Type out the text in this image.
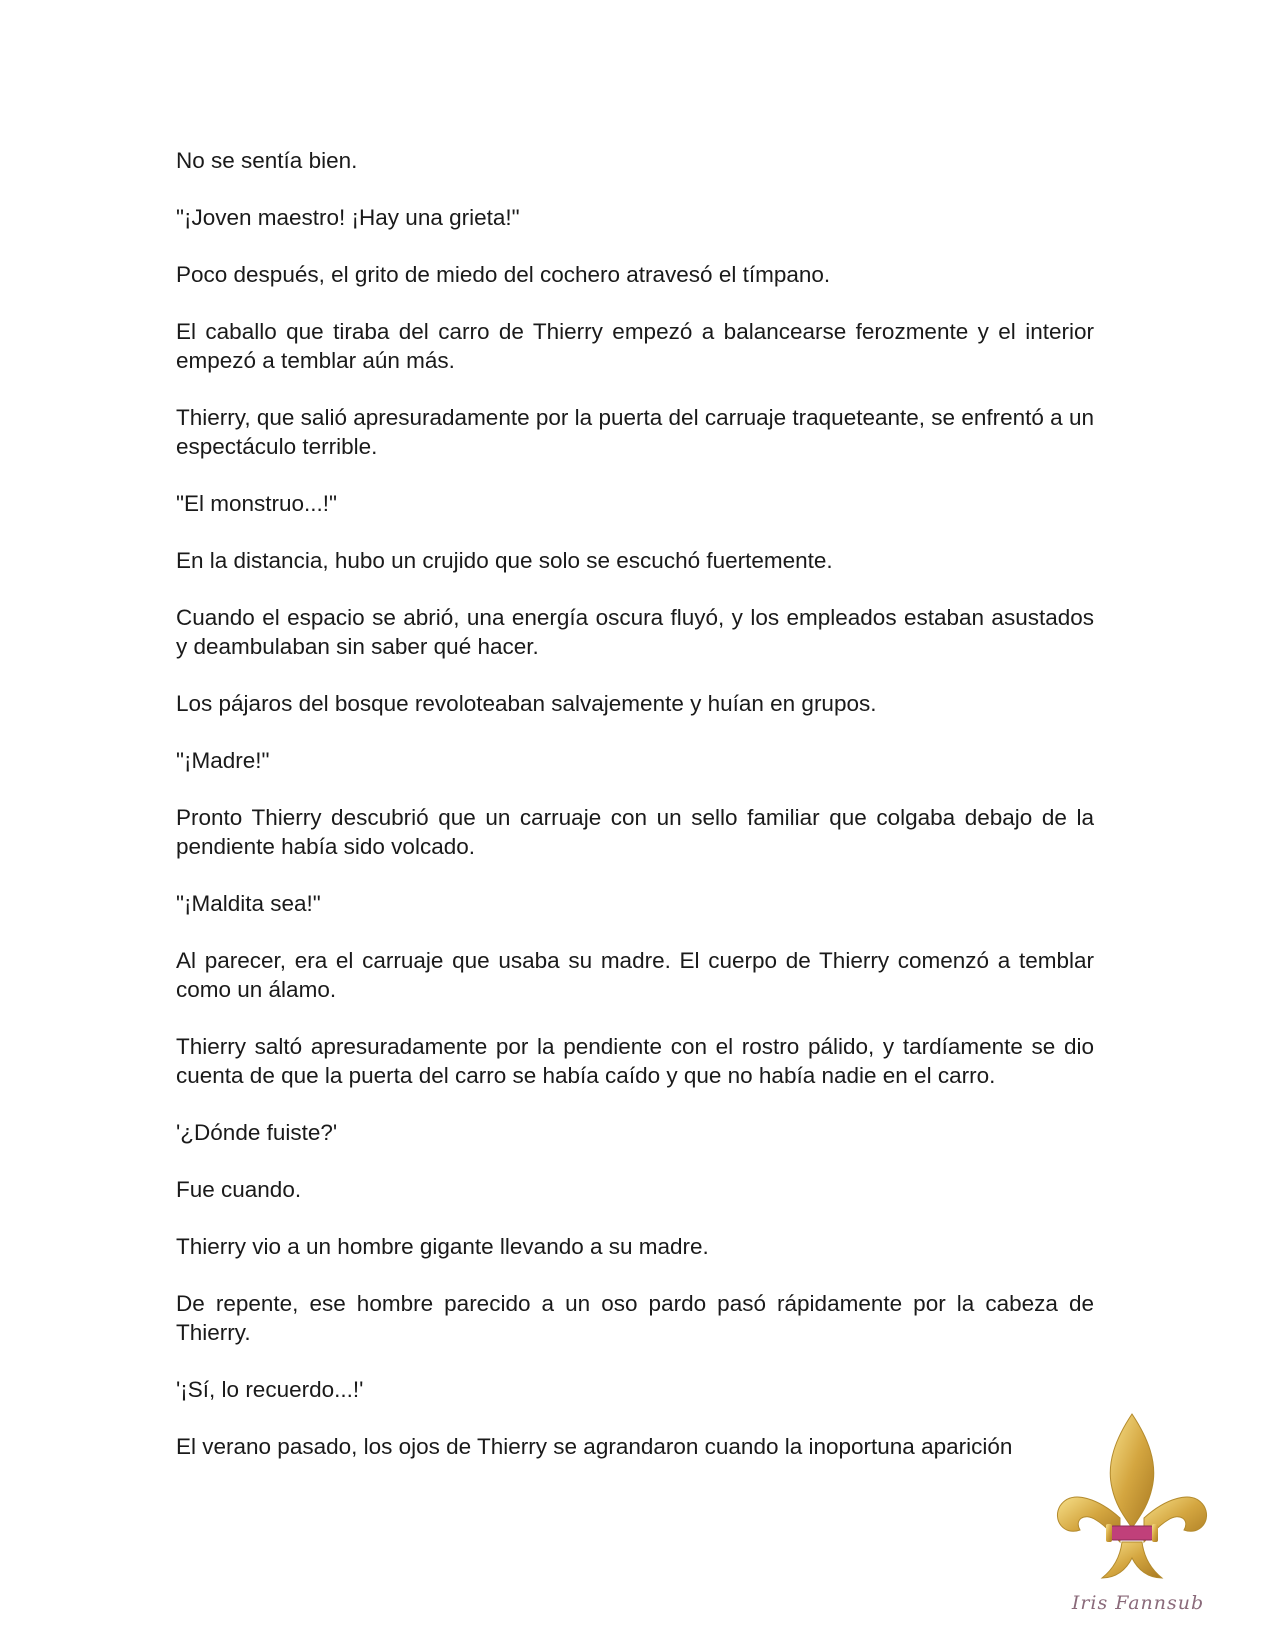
No se sentía bien.

"¡Joven maestro! ¡Hay una grieta!"

Poco después, el grito de miedo del cochero atravesó el tímpano.

El caballo que tiraba del carro de Thierry empezó a balancearse ferozmente y el interior empezó a temblar aún más.

Thierry, que salió apresuradamente por la puerta del carruaje traqueteante, se enfrentó a un espectáculo terrible.

"El monstruo...!"

En la distancia, hubo un crujido que solo se escuchó fuertemente.

Cuando el espacio se abrió, una energía oscura fluyó, y los empleados estaban asustados y deambulaban sin saber qué hacer.

Los pájaros del bosque revoloteaban salvajemente y huían en grupos.

"¡Madre!"

Pronto Thierry descubrió que un carruaje con un sello familiar que colgaba debajo de la pendiente había sido volcado.

"¡Maldita sea!"

Al parecer, era el carruaje que usaba su madre. El cuerpo de Thierry comenzó a temblar como un álamo.

Thierry saltó apresuradamente por la pendiente con el rostro pálido, y tardíamente se dio cuenta de que la puerta del carro se había caído y que no había nadie en el carro.

'¿Dónde fuiste?'

Fue cuando.

Thierry vio a un hombre gigante llevando a su madre.

De repente, ese hombre parecido a un oso pardo pasó rápidamente por la cabeza de Thierry.

'¡Sí, lo recuerdo...!'

El verano pasado, los ojos de Thierry se agrandaron cuando la inoportuna aparición

Iris Fannsub
